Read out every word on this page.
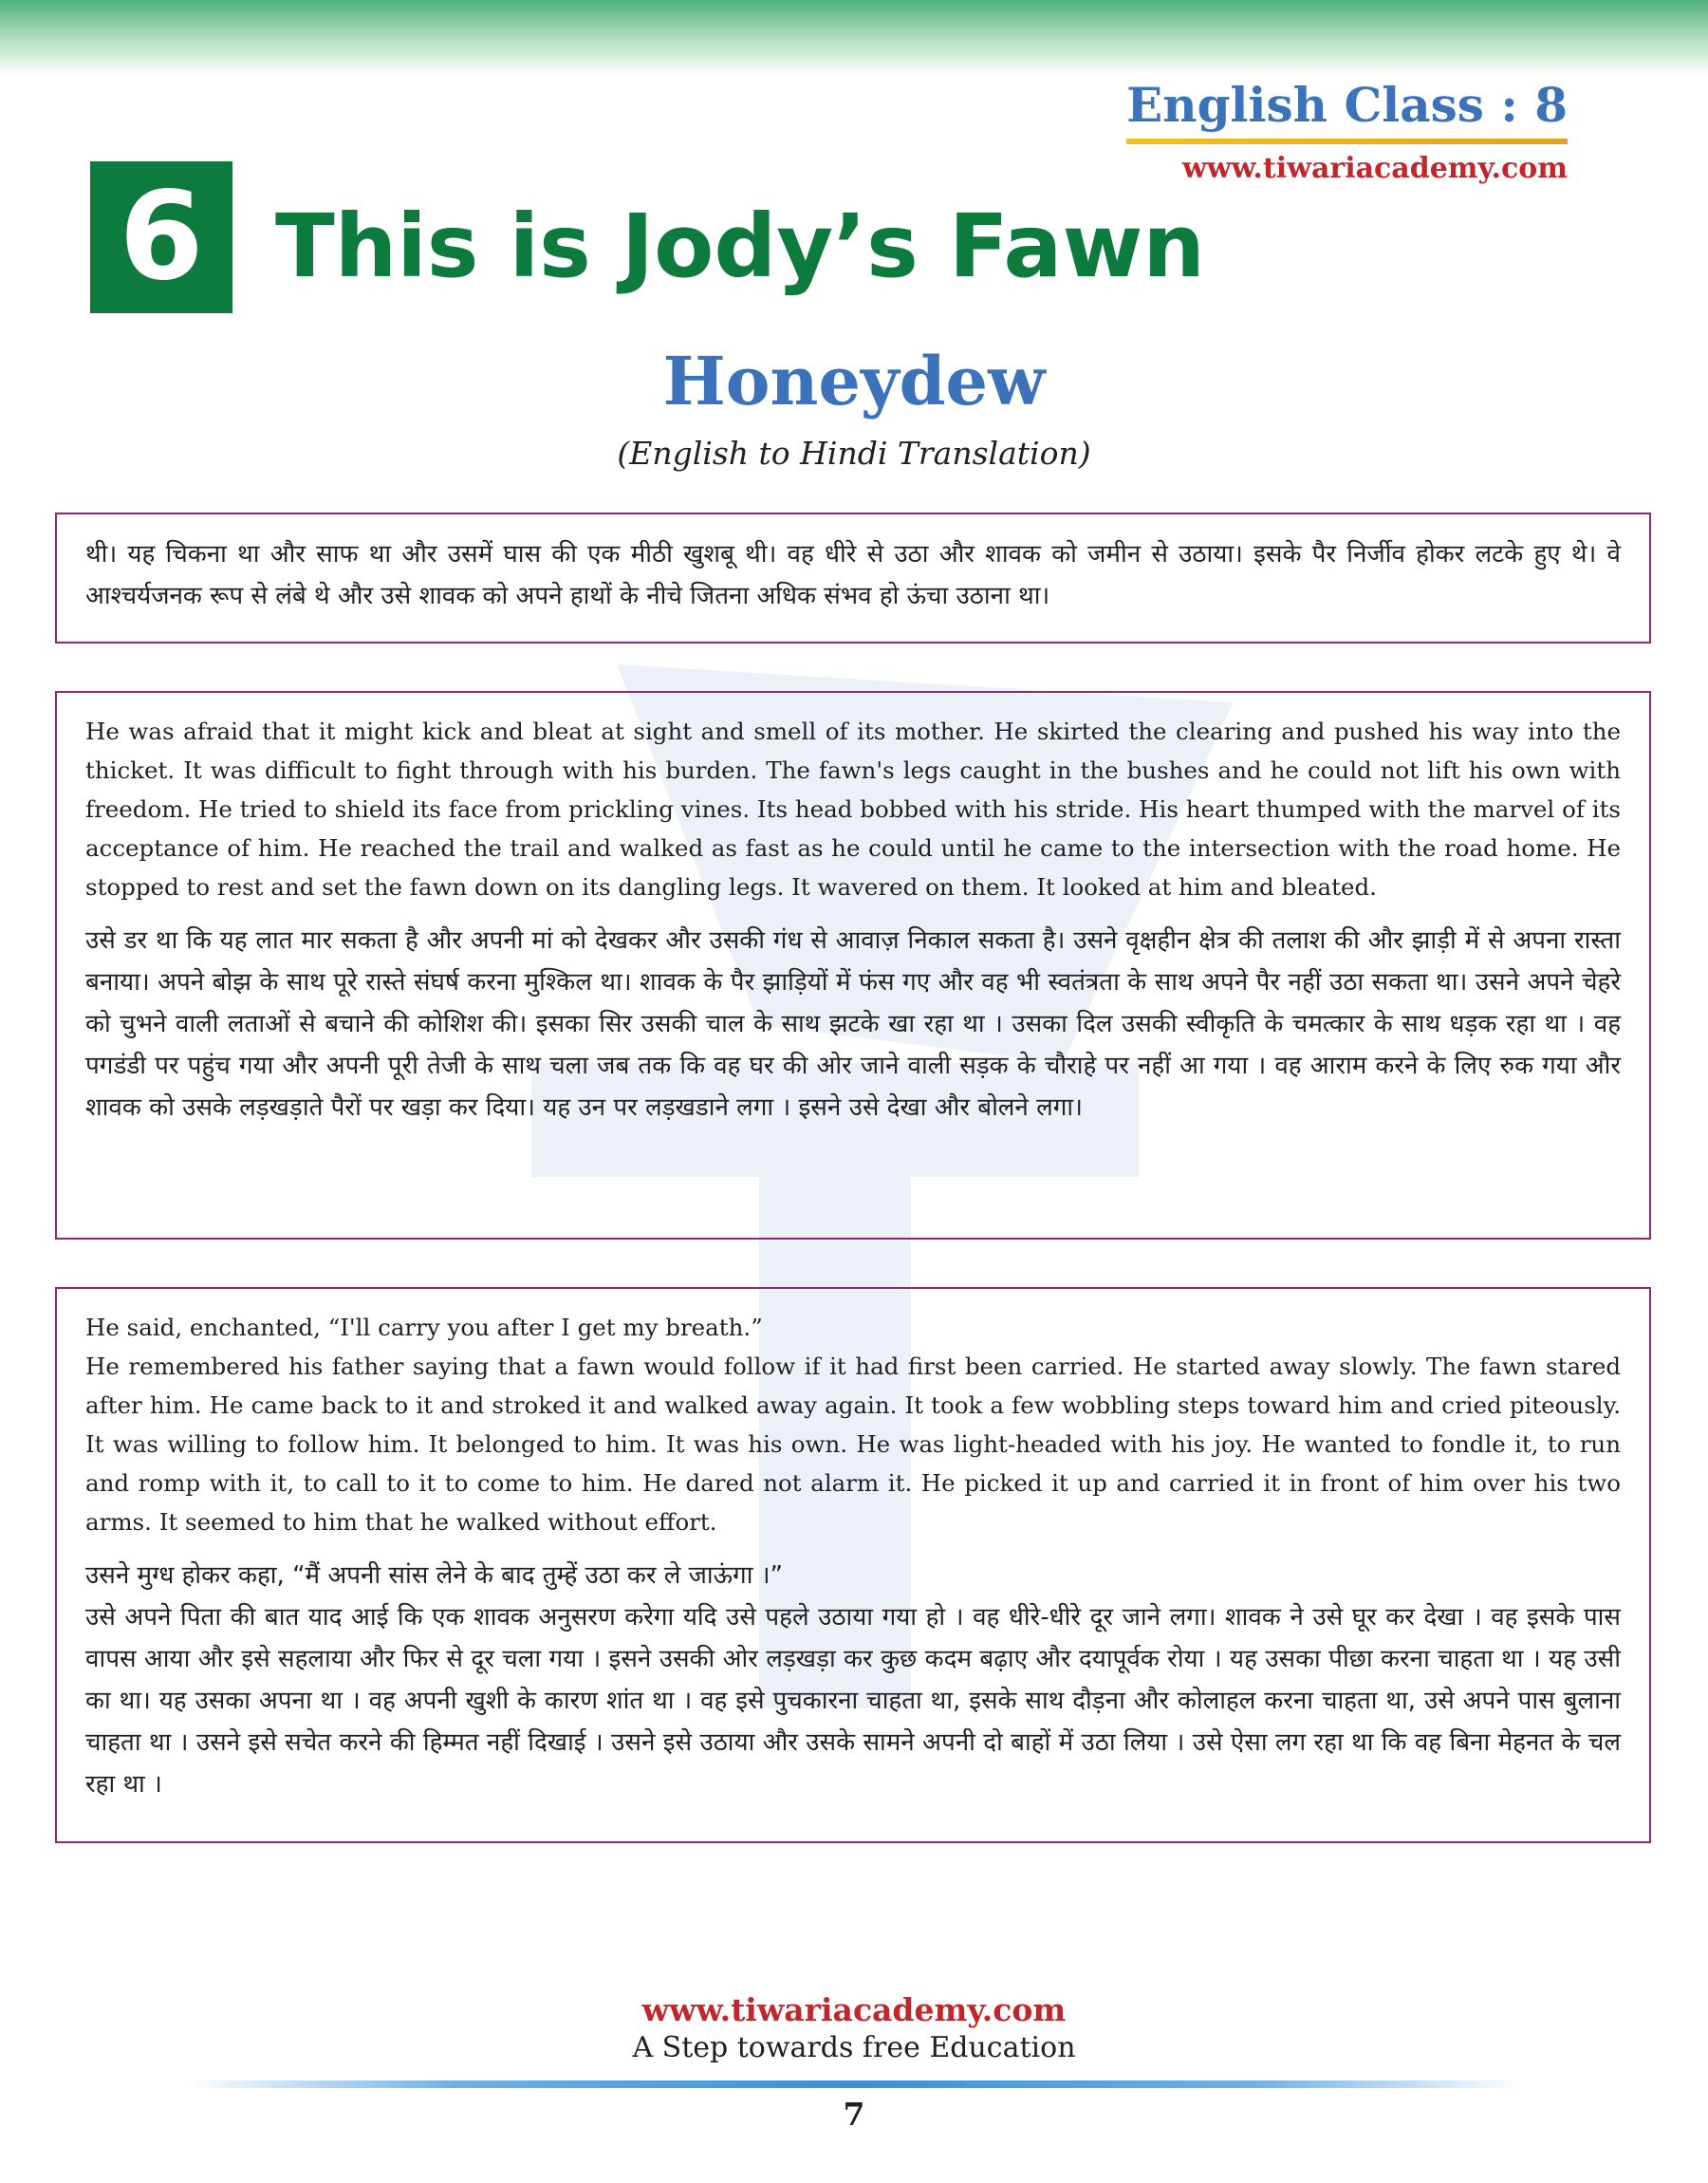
English Class : 8
www.tiwariacademy.com
6 This is Jody’s Fawn
Honeydew
(English to Hindi Translation)

थी। यह चिकना था और साफ था और उसमें घास की एक मीठी खुशबू थी। वह धीरे से उठा और शावक को जमीन से उठाया। इसके पैर निर्जीव होकर लटके हुए थे। वे आश्चर्यजनक रूप से लंबे थे और उसे शावक को अपने हाथों के नीचे जितना अधिक संभव हो ऊंचा उठाना था।

He was afraid that it might kick and bleat at sight and smell of its mother. He skirted the clearing and pushed his way into the thicket. It was difficult to fight through with his burden. The fawn's legs caught in the bushes and he could not lift his own with freedom. He tried to shield its face from prickling vines. Its head bobbed with his stride. His heart thumped with the marvel of its acceptance of him. He reached the trail and walked as fast as he could until he came to the intersection with the road home. He stopped to rest and set the fawn down on its dangling legs. It wavered on them. It looked at him and bleated.

उसे डर था कि यह लात मार सकता है और अपनी मां को देखकर और उसकी गंध से आवाज़ निकाल सकता है। उसने वृक्षहीन क्षेत्र की तलाश की और झाड़ी में से अपना रास्ता बनाया। अपने बोझ के साथ पूरे रास्ते संघर्ष करना मुश्किल था। शावक के पैर झाड़ियों में फंस गए और वह भी स्वतंत्रता के साथ अपने पैर नहीं उठा सकता था। उसने अपने चेहरे को चुभने वाली लताओं से बचाने की कोशिश की। इसका सिर उसकी चाल के साथ झटके खा रहा था । उसका दिल उसकी स्वीकृति के चमत्कार के साथ धड़क रहा था । वह पगडंडी पर पहुंच गया और अपनी पूरी तेजी के साथ चला जब तक कि वह घर की ओर जाने वाली सड़क के चौराहे पर नहीं आ गया । वह आराम करने के लिए रुक गया और शावक को उसके लड़खड़ाते पैरों पर खड़ा कर दिया। यह उन पर लड़खडाने लगा । इसने उसे देखा और बोलने लगा।

He said, enchanted, “I'll carry you after I get my breath.”

He remembered his father saying that a fawn would follow if it had first been carried. He started away slowly. The fawn stared after him. He came back to it and stroked it and walked away again. It took a few wobbling steps toward him and cried piteously. It was willing to follow him. It belonged to him. It was his own. He was light-headed with his joy. He wanted to fondle it, to run and romp with it, to call to it to come to him. He dared not alarm it. He picked it up and carried it in front of him over his two arms. It seemed to him that he walked without effort.

उसने मुग्ध होकर कहा, “मैं अपनी सांस लेने के बाद तुम्हें उठा कर ले जाऊंगा ।”

उसे अपने पिता की बात याद आई कि एक शावक अनुसरण करेगा यदि उसे पहले उठाया गया हो । वह धीरे-धीरे दूर जाने लगा। शावक ने उसे घूर कर देखा । वह इसके पास वापस आया और इसे सहलाया और फिर से दूर चला गया । इसने उसकी ओर लड़खड़ा कर कुछ कदम बढ़ाए और दयापूर्वक रोया । यह उसका पीछा करना चाहता था । यह उसी का था। यह उसका अपना था । वह अपनी खुशी के कारण शांत था । वह इसे पुचकारना चाहता था, इसके साथ दौड़ना और कोलाहल करना चाहता था, उसे अपने पास बुलाना चाहता था । उसने इसे सचेत करने की हिम्मत नहीं दिखाई । उसने इसे उठाया और उसके सामने अपनी दो बाहों में उठा लिया । उसे ऐसा लग रहा था कि वह बिना मेहनत के चल रहा था ।

www.tiwariacademy.com
A Step towards free Education
7
